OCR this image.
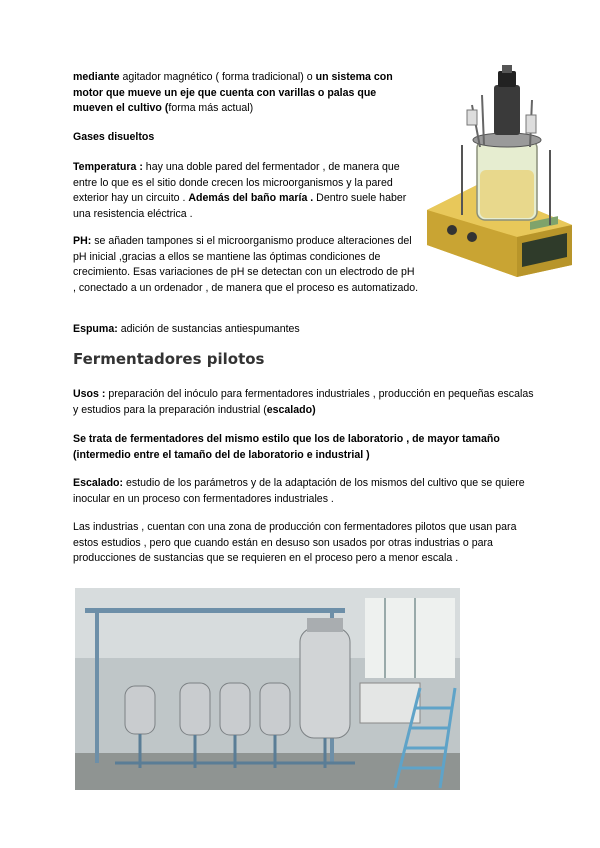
mediante agitador magnético ( forma tradicional) o un sistema con motor que mueve un eje que cuenta con varillas o palas que mueven el cultivo (forma más actual)

Gases disueltos

Temperatura : hay una doble pared del fermentador , de manera que entre lo que es el sitio donde crecen los microorganismos y la pared exterior hay un circuito . Además del baño maría . Dentro suele haber una resistencia eléctrica .

PH: se añaden tampones si el microorganismo produce alteraciones del pH inicial ,gracias a ellos se mantiene las óptimas condiciones de crecimiento. Esas variaciones de pH se detectan con un electrodo de pH , conectado a un ordenador , de manera que el proceso es automatizado.

Espuma: adición de sustancias antiespumantes

Fermentadores pilotos

Usos : preparación del inóculo para fermentadores industriales , producción en pequeñas escalas y estudios para la preparación industrial (escalado)

Se trata de fermentadores del mismo estilo que los de laboratorio , de mayor tamaño (intermedio entre el tamaño del de laboratorio e industrial )

Escalado: estudio de los parámetros y de la adaptación de los mismos del cultivo que se quiere inocular en un proceso con fermentadores industriales .

Las industrias , cuentan con una zona de producción con fermentadores pilotos que usan para estos estudios , pero que cuando están en desuso son usados por otras industrias o para producciones de sustancias que se requieren en el proceso pero a menor escala .
